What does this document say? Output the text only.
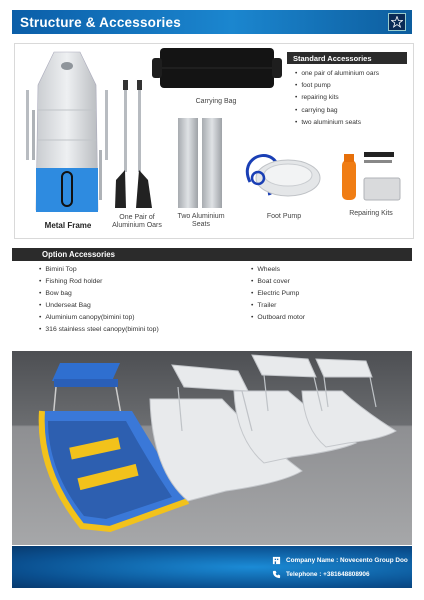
Structure & Accessories
Metal Frame
One Pair of
Aluminium Oars
Carrying Bag
Two Aluminium
Seats
Foot Pump	Repairing Kits
Standard Accessories
• one pair of aluminium oars
• foot pump
• repairing kits
• carrying bag
• two aluminium seats
Option Accessories
• Bimini Top
• Fishing Rod holder
• Bow bag
• Underseat Bag
• Aluminium canopy(bimini top)
• 316 stainless steel canopy(bimini top)
• Wheels
• Boat cover
• Electric Pump
• Trailer
• Outboard motor
Company Name : Novecento Group Doo
Telephone : +381648808906
